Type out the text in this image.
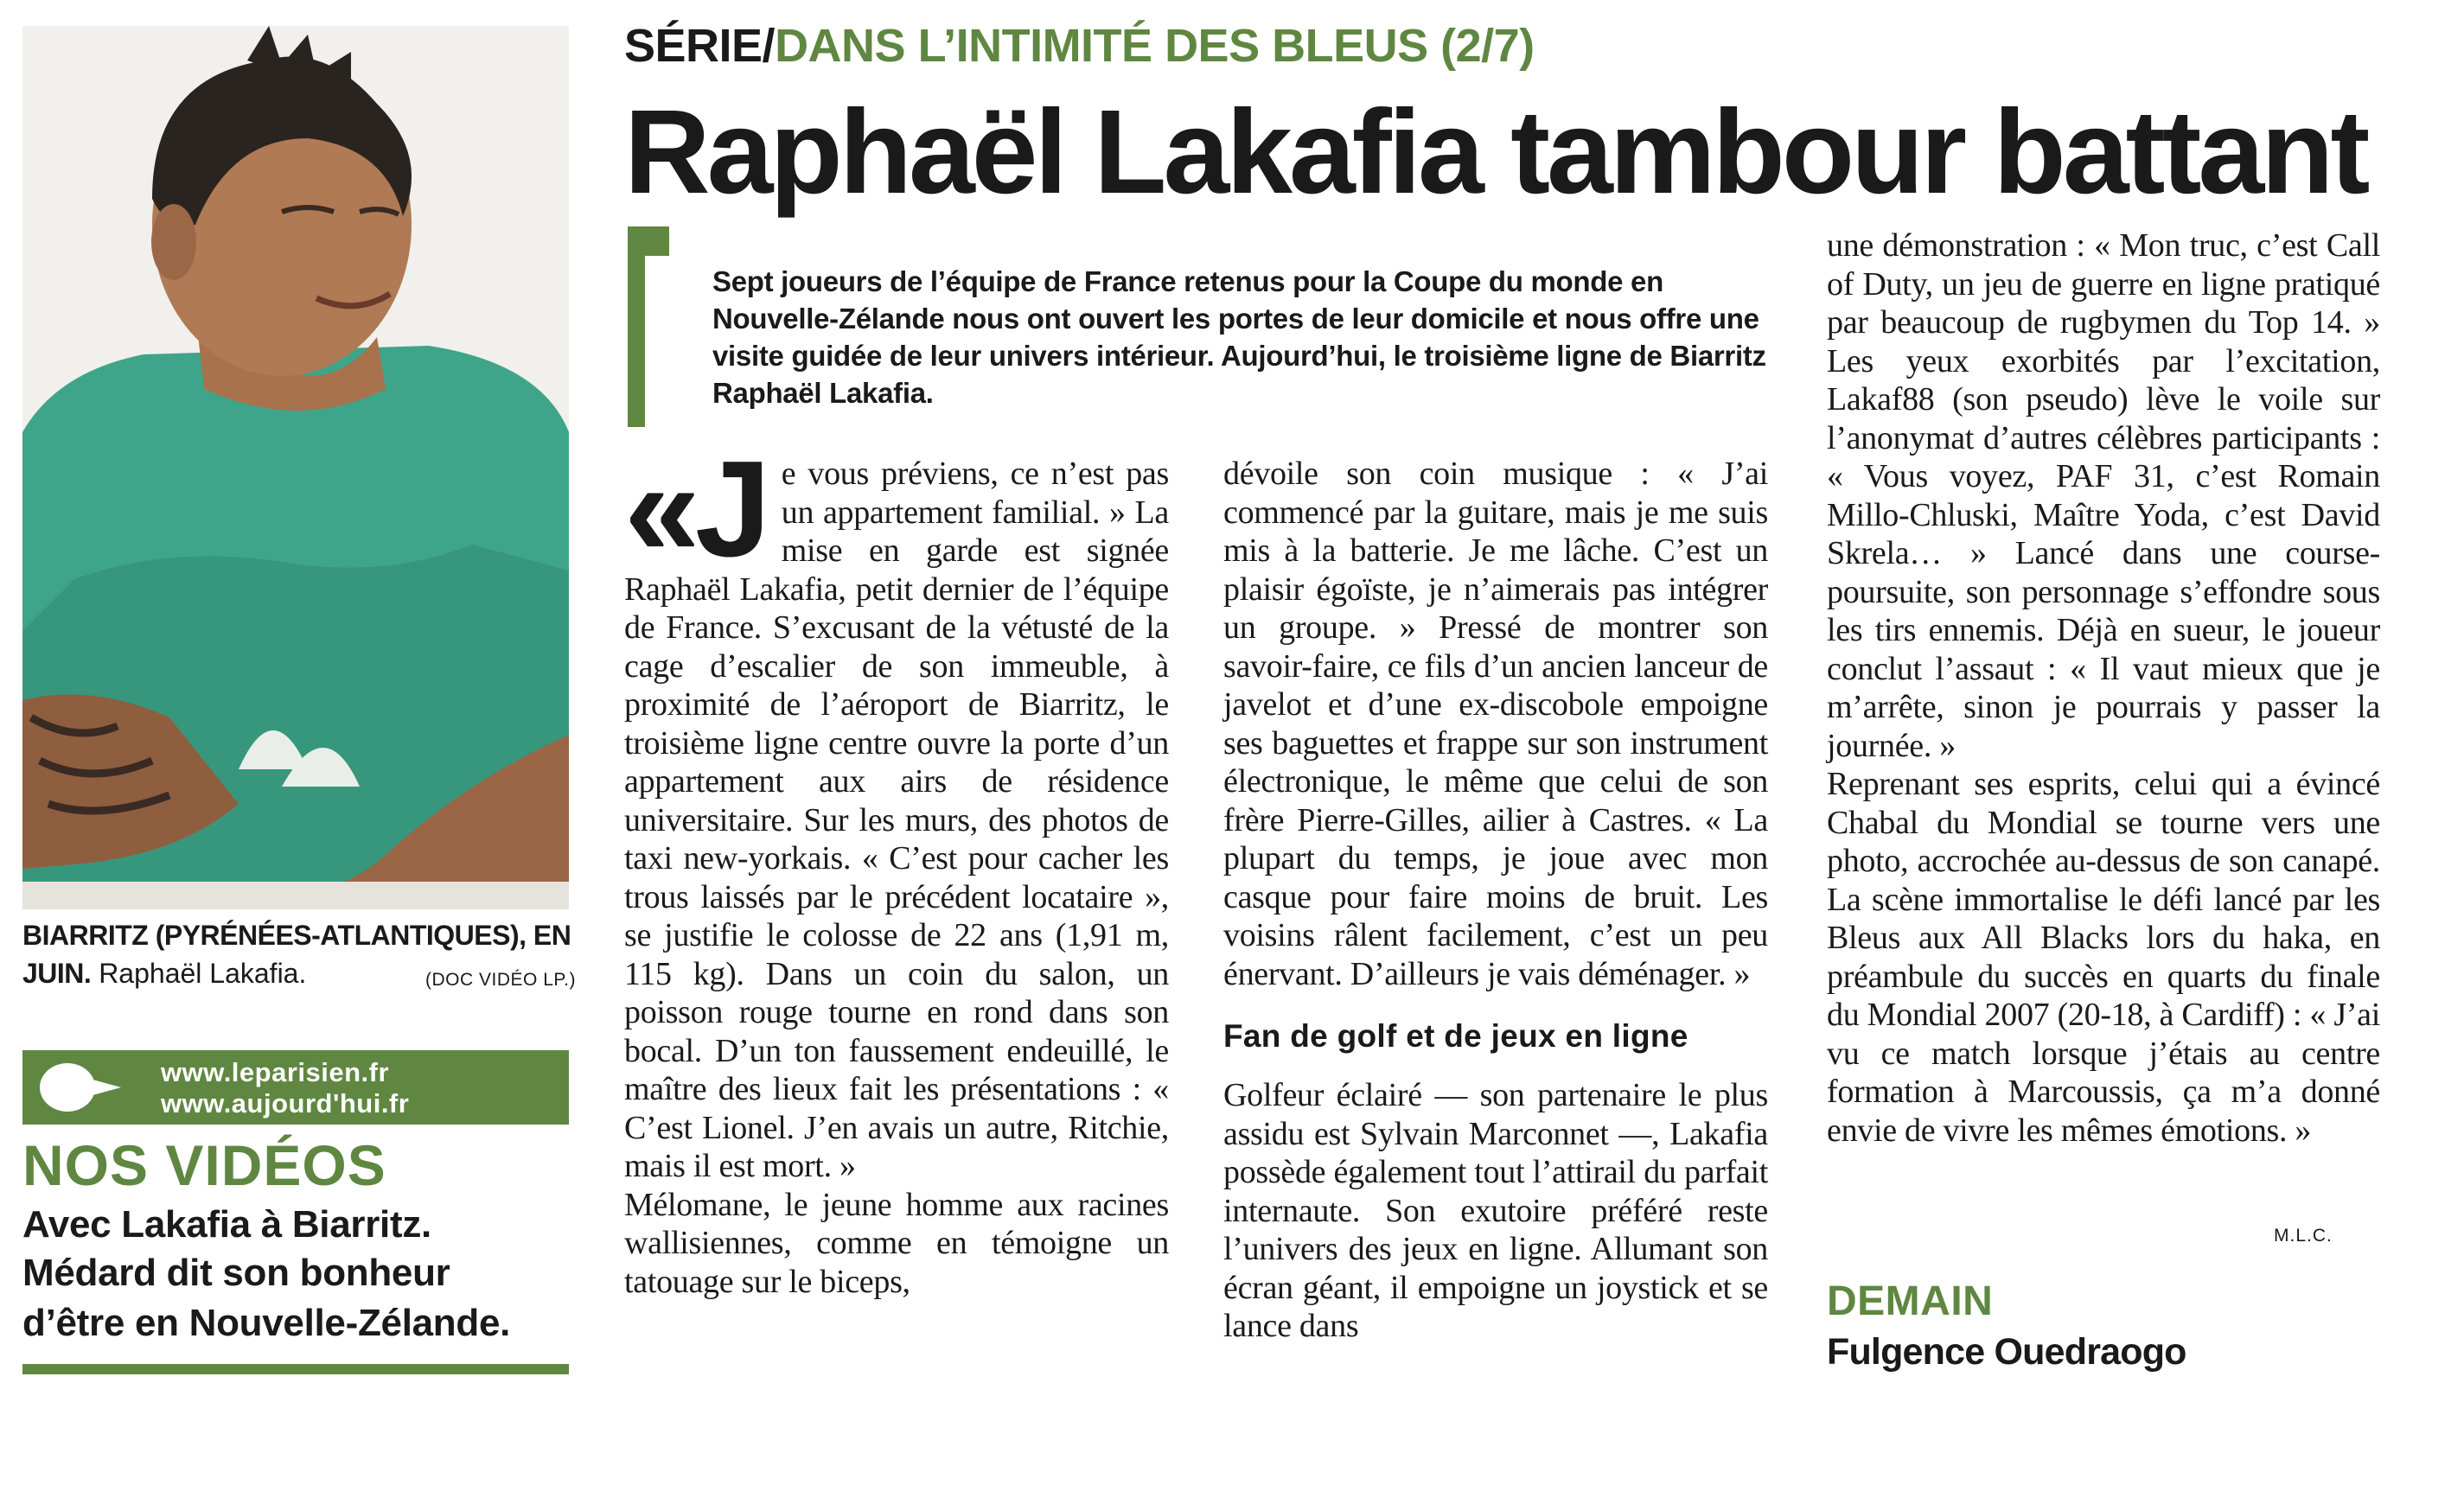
BIARRITZ (PYRÉNÉES-ATLANTIQUES), EN JUIN. Raphaël Lakafia.	(DOC VIDÉO LP.)
www.leparisien.fr
www.aujourd'hui.fr
NOS VIDÉOS
Avec Lakafia à Biarritz.
Médard dit son bonheur
d’être en Nouvelle-Zélande.
SÉRIE/DANS L’INTIMITÉ DES BLEUS (2/7)
Raphaël Lakafia tambour battant
Sept joueurs de l’équipe de France retenus pour la Coupe du monde en Nouvelle-Zélande nous ont ouvert les portes de leur domicile et nous offre une visite guidée de leur univers intérieur. Aujourd’hui, le troisième ligne de Biarritz Raphaël Lakafia.

«Je vous préviens, ce n’est pas un appartement familial. » La mise en garde est signée Raphaël Lakafia, petit dernier de l’équipe de France. S’excusant de la vétusté de la cage d’escalier de son immeuble, à proximité de l’aéroport de Biarritz, le troisième ligne centre ouvre la porte d’un appartement aux airs de résidence universitaire. Sur les murs, des photos de taxi new-yorkais. « C’est pour cacher les trous laissés par le précédent locataire », se justifie le colosse de 22 ans (1,91 m, 115 kg). Dans un coin du salon, un poisson rouge tourne en rond dans son bocal. D’un ton faussement endeuillé, le maître des lieux fait les présentations : « C’est Lionel. J’en avais un autre, Ritchie, mais il est mort. »

Mélomane, le jeune homme aux racines wallisiennes, comme en témoigne un tatouage sur le biceps,

dévoile son coin musique : « J’ai commencé par la guitare, mais je me suis mis à la batterie. Je me lâche. C’est un plaisir égoïste, je n’aimerais pas intégrer un groupe. » Pressé de montrer son savoir-faire, ce fils d’un ancien lanceur de javelot et d’une ex-discobole empoigne ses baguettes et frappe sur son instrument électronique, le même que celui de son frère Pierre-Gilles, ailier à Castres. « La plupart du temps, je joue avec mon casque pour faire moins de bruit. Les voisins râlent facilement, c’est un peu énervant. D’ailleurs je vais déménager. »

Fan de golf et de jeux en ligne

Golfeur éclairé — son partenaire le plus assidu est Sylvain Marconnet —, Lakafia possède également tout l’attirail du parfait internaute. Son exutoire préféré reste l’univers des jeux en ligne. Allumant son écran géant, il empoigne un joystick et se lance dans

une démonstration : « Mon truc, c’est Call of Duty, un jeu de guerre en ligne pratiqué par beaucoup de rugbymen du Top 14. » Les yeux exorbités par l’excitation, Lakaf88 (son pseudo) lève le voile sur l’anonymat d’autres célèbres participants : « Vous voyez, PAF 31, c’est Romain Millo-Chluski, Maître Yoda, c’est David Skrela… » Lancé dans une course-poursuite, son personnage s’effondre sous les tirs ennemis. Déjà en sueur, le joueur conclut l’assaut : « Il vaut mieux que je m’arrête, sinon je pourrais y passer la journée. »

Reprenant ses esprits, celui qui a évincé Chabal du Mondial se tourne vers une photo, accrochée au-dessus de son canapé. La scène immortalise le défi lancé par les Bleus aux All Blacks lors du haka, en préambule du succès en quarts du finale du Mondial 2007 (20-18, à Cardiff) : « J’ai vu ce match lorsque j’étais au centre formation à Marcoussis, ça m’a donné envie de vivre les mêmes émotions. »

M.L.C.
DEMAIN
Fulgence Ouedraogo
